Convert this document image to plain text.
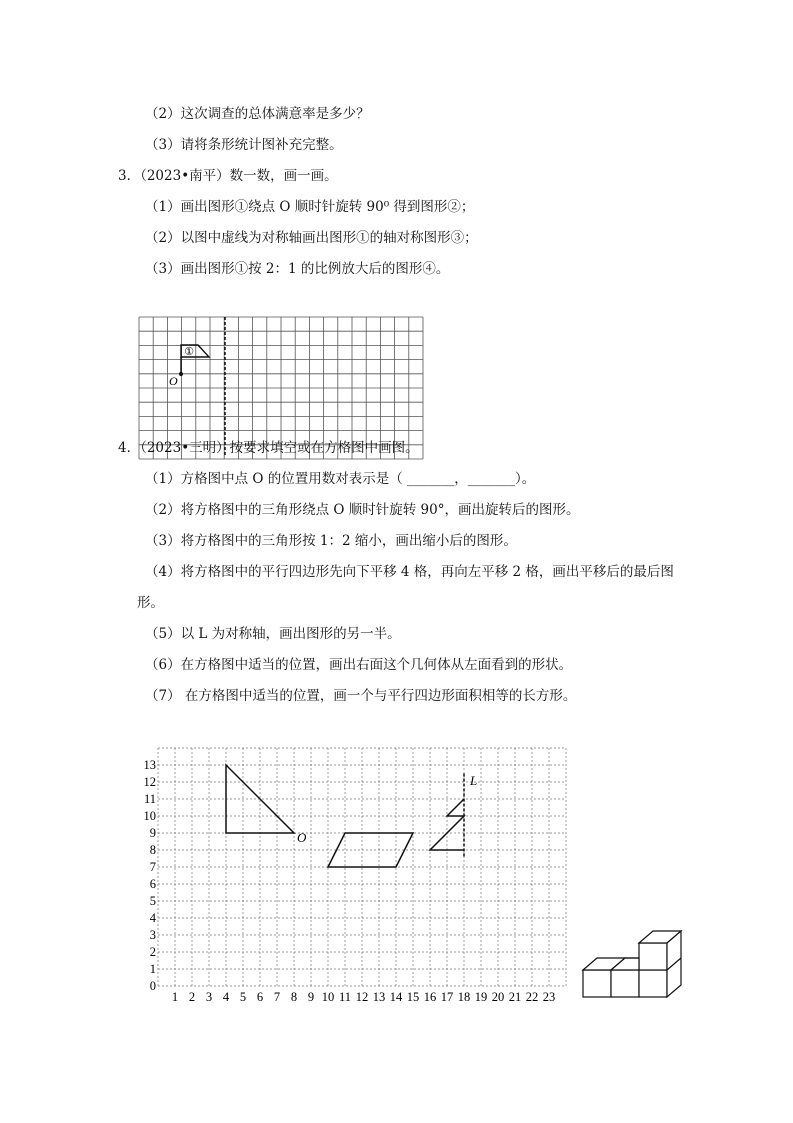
（2）这次调查的总体满意率是多少？
（3）请将条形统计图补充完整。
3．（2023•南平）数一数，画一画。
（1）画出图形①绕点 O 顺时针旋转 90⁰ 得到图形②；
（2）以图中虚线为对称轴画出图形①的轴对称图形③；
（3）画出图形①按 2：1 的比例放大后的图形④。
①
O
4．（2023•三明）按要求填空或在方格图中画图。
（1）方格图中点 O 的位置用数对表示是（ _______，_______）。
（2）将方格图中的三角形绕点 O 顺时针旋转 90°，画出旋转后的图形。
（3）将方格图中的三角形按 1：2 缩小，画出缩小后的图形。
（4）将方格图中的平行四边形先向下平移 4 格，再向左平移 2 格，画出平移后的最后图
形。
（5）以 L 为对称轴，画出图形的另一半。
（6）在方格图中适当的位置，画出右面这个几何体从左面看到的形状。
（7） 在方格图中适当的位置，画一个与平行四边形面积相等的长方形。
1 2 3 4 5 6 7 8 9 10 11 12 13 14 15 16 17 18 19 20 21 22 23
0
1
2
3
4
5
6
7
8
9
10
11
12
13
O
L
